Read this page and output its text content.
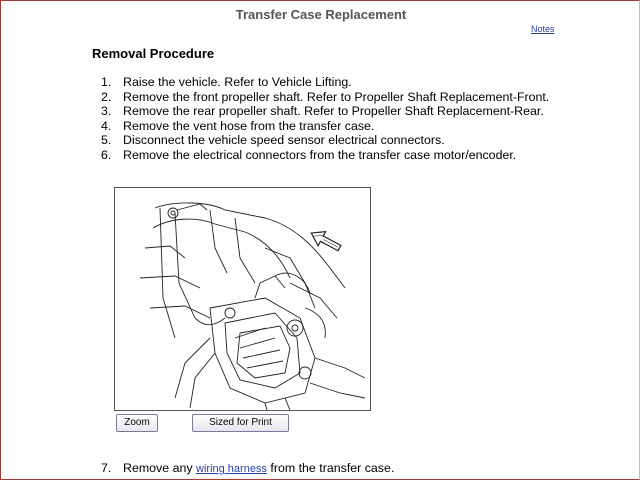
Transfer Case Replacement
Notes
Removal Procedure
1. Raise the vehicle. Refer to Vehicle Lifting.
2. Remove the front propeller shaft. Refer to Propeller Shaft Replacement-Front.
3. Remove the rear propeller shaft. Refer to Propeller Shaft Replacement-Rear.
4. Remove the vent hose from the transfer case.
5. Disconnect the vehicle speed sensor electrical connectors.
6. Remove the electrical connectors from the transfer case motor/encoder.
Zoom	Sized for Print
7. Remove any wiring harness from the transfer case.
